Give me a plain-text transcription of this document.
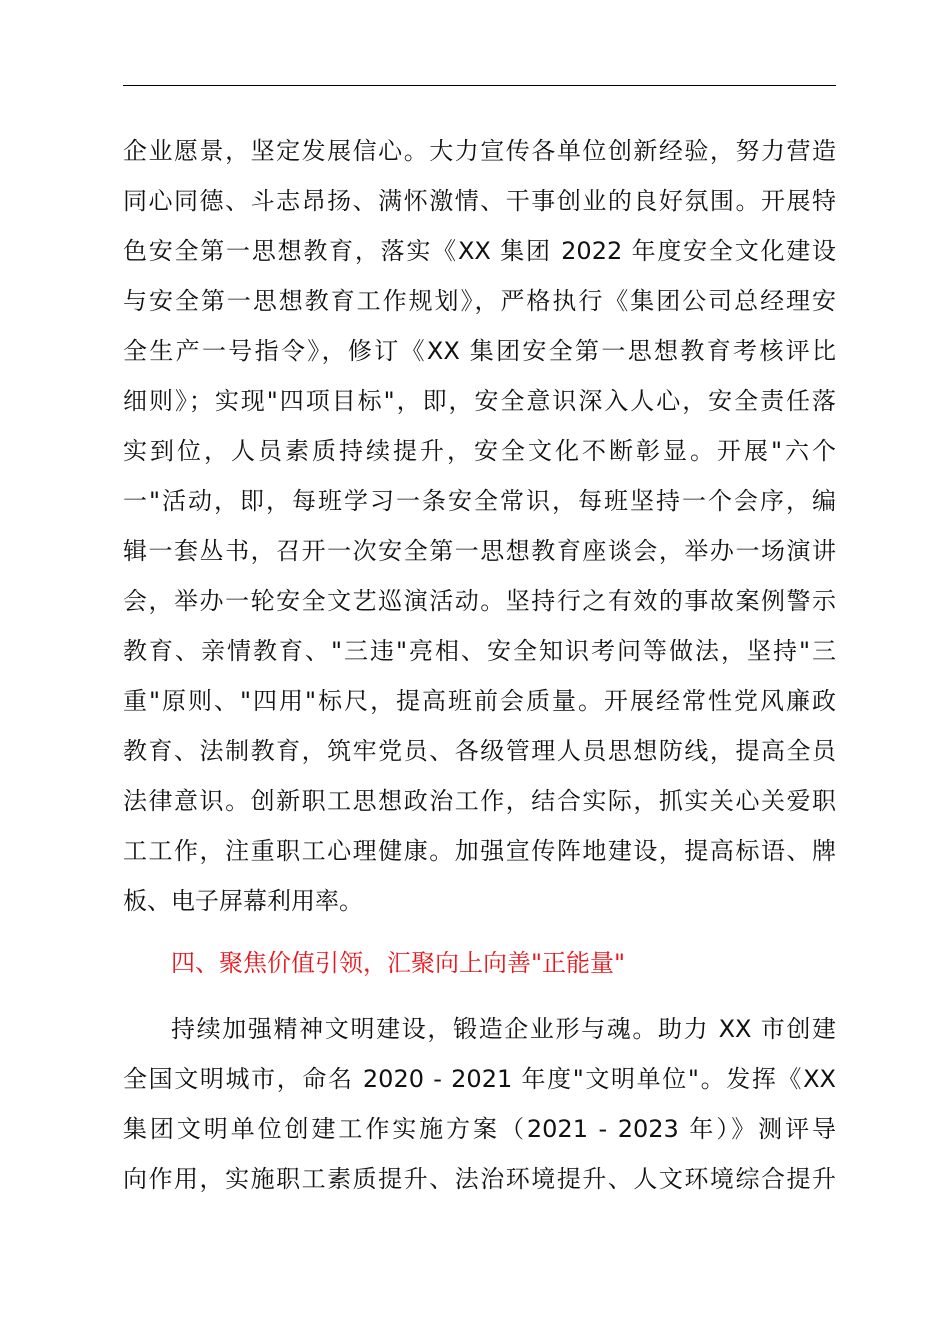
企业愿景，坚定发展信心。大力宣传各单位创新经验，努力营造
同心同德、斗志昂扬、满怀激情、干事创业的良好氛围。开展特
色安全第一思想教育，落实《XX 集团 2022 年度安全文化建设
与安全第一思想教育工作规划》，严格执行《集团公司总经理安
全生产一号指令》，修订《XX 集团安全第一思想教育考核评比
细则》；实现"四项目标"，即，安全意识深入人心，安全责任落
实到位，人员素质持续提升，安全文化不断彰显。开展"六个
一"活动，即，每班学习一条安全常识，每班坚持一个会序，编
辑一套丛书，召开一次安全第一思想教育座谈会，举办一场演讲
会，举办一轮安全文艺巡演活动。坚持行之有效的事故案例警示
教育、亲情教育、"三违"亮相、安全知识考问等做法，坚持"三
重"原则、"四用"标尺，提高班前会质量。开展经常性党风廉政
教育、法制教育，筑牢党员、各级管理人员思想防线，提高全员
法律意识。创新职工思想政治工作，结合实际，抓实关心关爱职
工工作，注重职工心理健康。加强宣传阵地建设，提高标语、牌
板、电子屏幕利用率。
四、聚焦价值引领，汇聚向上向善"正能量"
持续加强精神文明建设，锻造企业形与魂。助力 XX 市创建
全国文明城市，命名 2020 - 2021 年度"文明单位"。发挥《XX
集团文明单位创建工作实施方案（2021 - 2023 年）》测评导
向作用，实施职工素质提升、法治环境提升、人文环境综合提升
